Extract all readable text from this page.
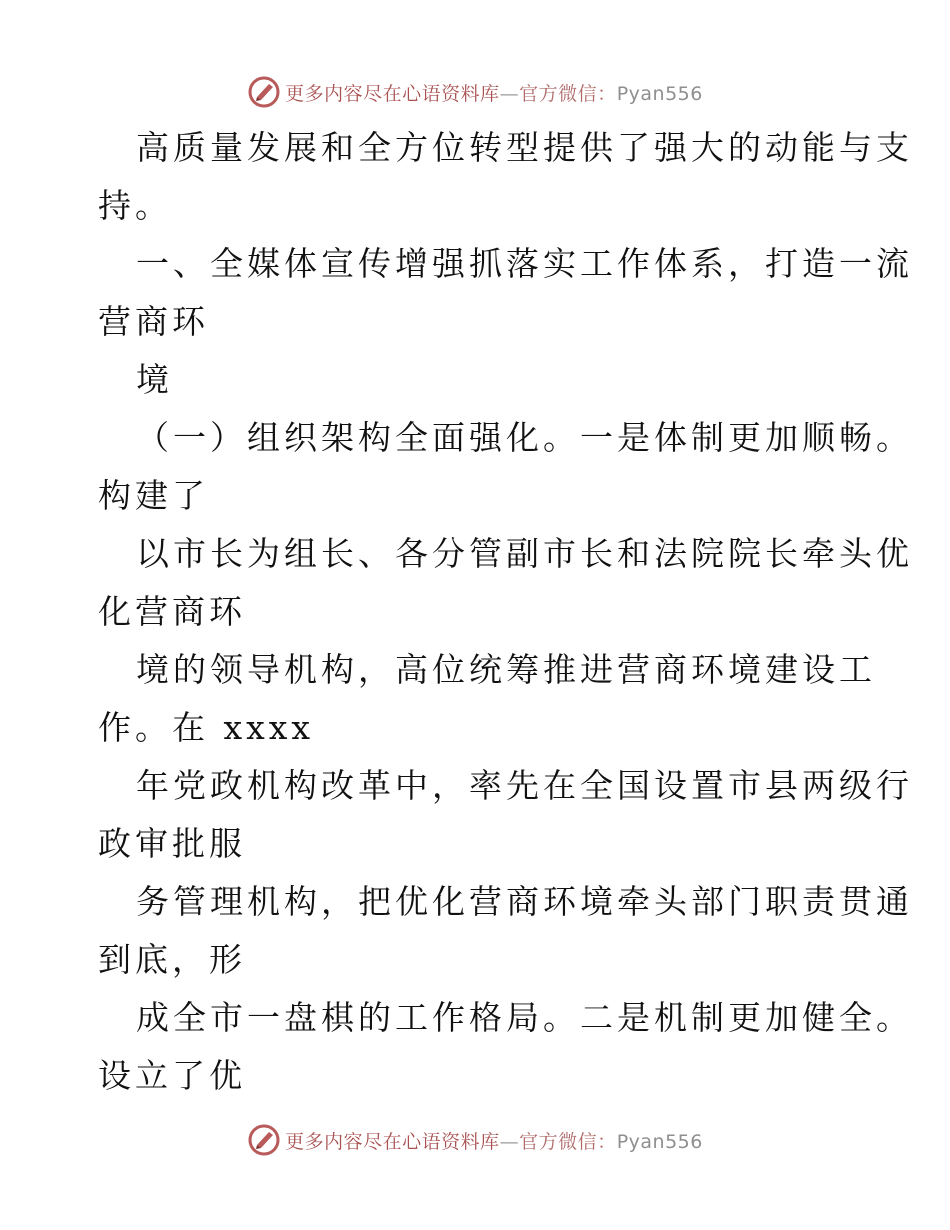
更多内容尽在心语资料库—官方微信：Pyan556
高质量发展和全方位转型提供了强大的动能与支
持。
一、全媒体宣传增强抓落实工作体系，打造一流
营商环
境
（一）组织架构全面强化。一是体制更加顺畅。
构建了
以市长为组长、各分管副市长和法院院长牵头优
化营商环
境的领导机构，高位统筹推进营商环境建设工
作。在 xxxx
年党政机构改革中，率先在全国设置市县两级行
政审批服
务管理机构，把优化营商环境牵头部门职责贯通
到底，形
成全市一盘棋的工作格局。二是机制更加健全。
设立了优
更多内容尽在心语资料库—官方微信：Pyan556
